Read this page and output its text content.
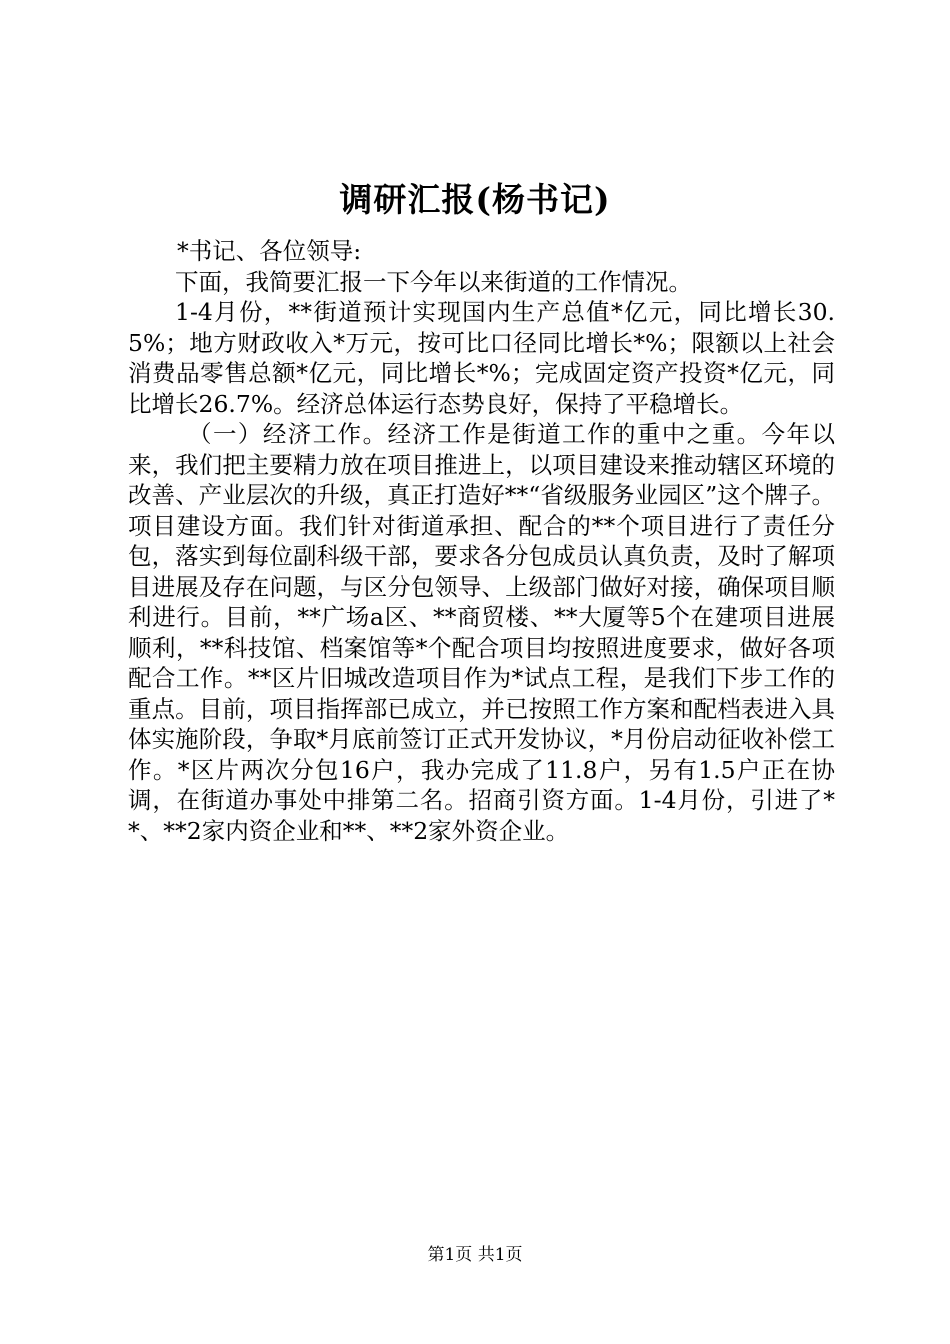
调研汇报(杨书记)

*书记、各位领导:

下面，我简要汇报一下今年以来街道的工作情况。

1-4月份，**街道预计实现国内生产总值*亿元，同比增长30.5%；地方财政收入*万元，按可比口径同比增长*%；限额以上社会消费品零售总额*亿元，同比增长*%；完成固定资产投资*亿元，同比增长26.7%。经济总体运行态势良好，保持了平稳增长。

（一）经济工作。经济工作是街道工作的重中之重。今年以来，我们把主要精力放在项目推进上，以项目建设来推动辖区环境的改善、产业层次的升级，真正打造好**“省级服务业园区”这个牌子。项目建设方面。我们针对街道承担、配合的**个项目进行了责任分包，落实到每位副科级干部，要求各分包成员认真负责，及时了解项目进展及存在问题，与区分包领导、上级部门做好对接，确保项目顺利进行。目前，**广场a区、**商贸楼、**大厦等5个在建项目进展顺利，**科技馆、档案馆等*个配合项目均按照进度要求，做好各项配合工作。**区片旧城改造项目作为*试点工程，是我们下步工作的重点。目前，项目指挥部已成立，并已按照工作方案和配档表进入具体实施阶段，争取*月底前签订正式开发协议，*月份启动征收补偿工作。*区片两次分包16户，我办完成了11.8户，另有1.5户正在协调，在街道办事处中排第二名。招商引资方面。1-4月份，引进了**、**2家内资企业和**、**2家外资企业。

第1页 共1页
